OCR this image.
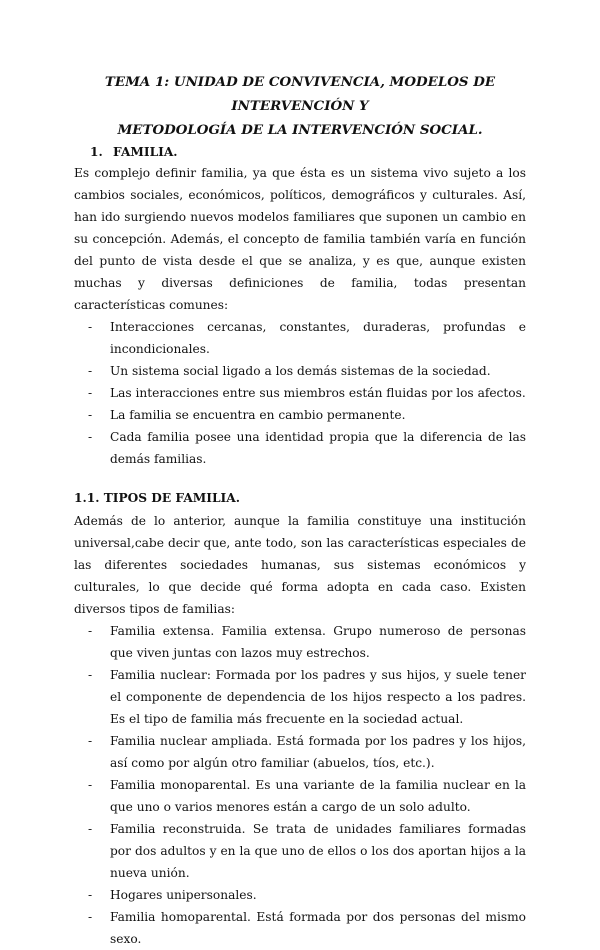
TEMA 1: UNIDAD DE CONVIVENCIA, MODELOS DE INTERVENCIÓN Y
METODOLOGÍA DE LA INTERVENCIÓN SOCIAL.
1. FAMILIA.

Es complejo definir familia, ya que ésta es un sistema vivo sujeto a los cambios sociales, económicos, políticos, demográficos y culturales. Así, han ido surgiendo nuevos modelos familiares que suponen un cambio en su concepción. Además, el concepto de familia también varía en función del punto de vista desde el que se analiza, y es que, aunque existen muchas y diversas definiciones de familia, todas presentan características comunes:

- Interacciones cercanas, constantes, duraderas, profundas e incondicionales.
- Un sistema social ligado a los demás sistemas de la sociedad.
- Las interacciones entre sus miembros están fluidas por los afectos.
- La familia se encuentra en cambio permanente.
- Cada familia posee una identidad propia que la diferencia de las demás familias.
1.1. TIPOS DE FAMILIA.

Además de lo anterior, aunque la familia constituye una institución universal,cabe decir que, ante todo, son las características especiales de las diferentes sociedades humanas, sus sistemas económicos y culturales, lo que decide qué forma adopta en cada caso. Existen diversos tipos de familias:

- Familia extensa. Familia extensa. Grupo numeroso de personas que viven juntas con lazos muy estrechos.
- Familia nuclear: Formada por los padres y sus hijos, y suele tener el componente de dependencia de los hijos respecto a los padres. Es el tipo de familia más frecuente en la sociedad actual.
- Familia nuclear ampliada. Está formada por los padres y los hijos, así como por algún otro familiar (abuelos, tíos, etc.).
- Familia monoparental. Es una variante de la familia nuclear en la que uno o varios menores están a cargo de un solo adulto.
- Familia reconstruida. Se trata de unidades familiares formadas por dos adultos y en la que uno de ellos o los dos aportan hijos a la nueva unión.
- Hogares unipersonales.
- Familia homoparental. Está formada por dos personas del mismo sexo.
